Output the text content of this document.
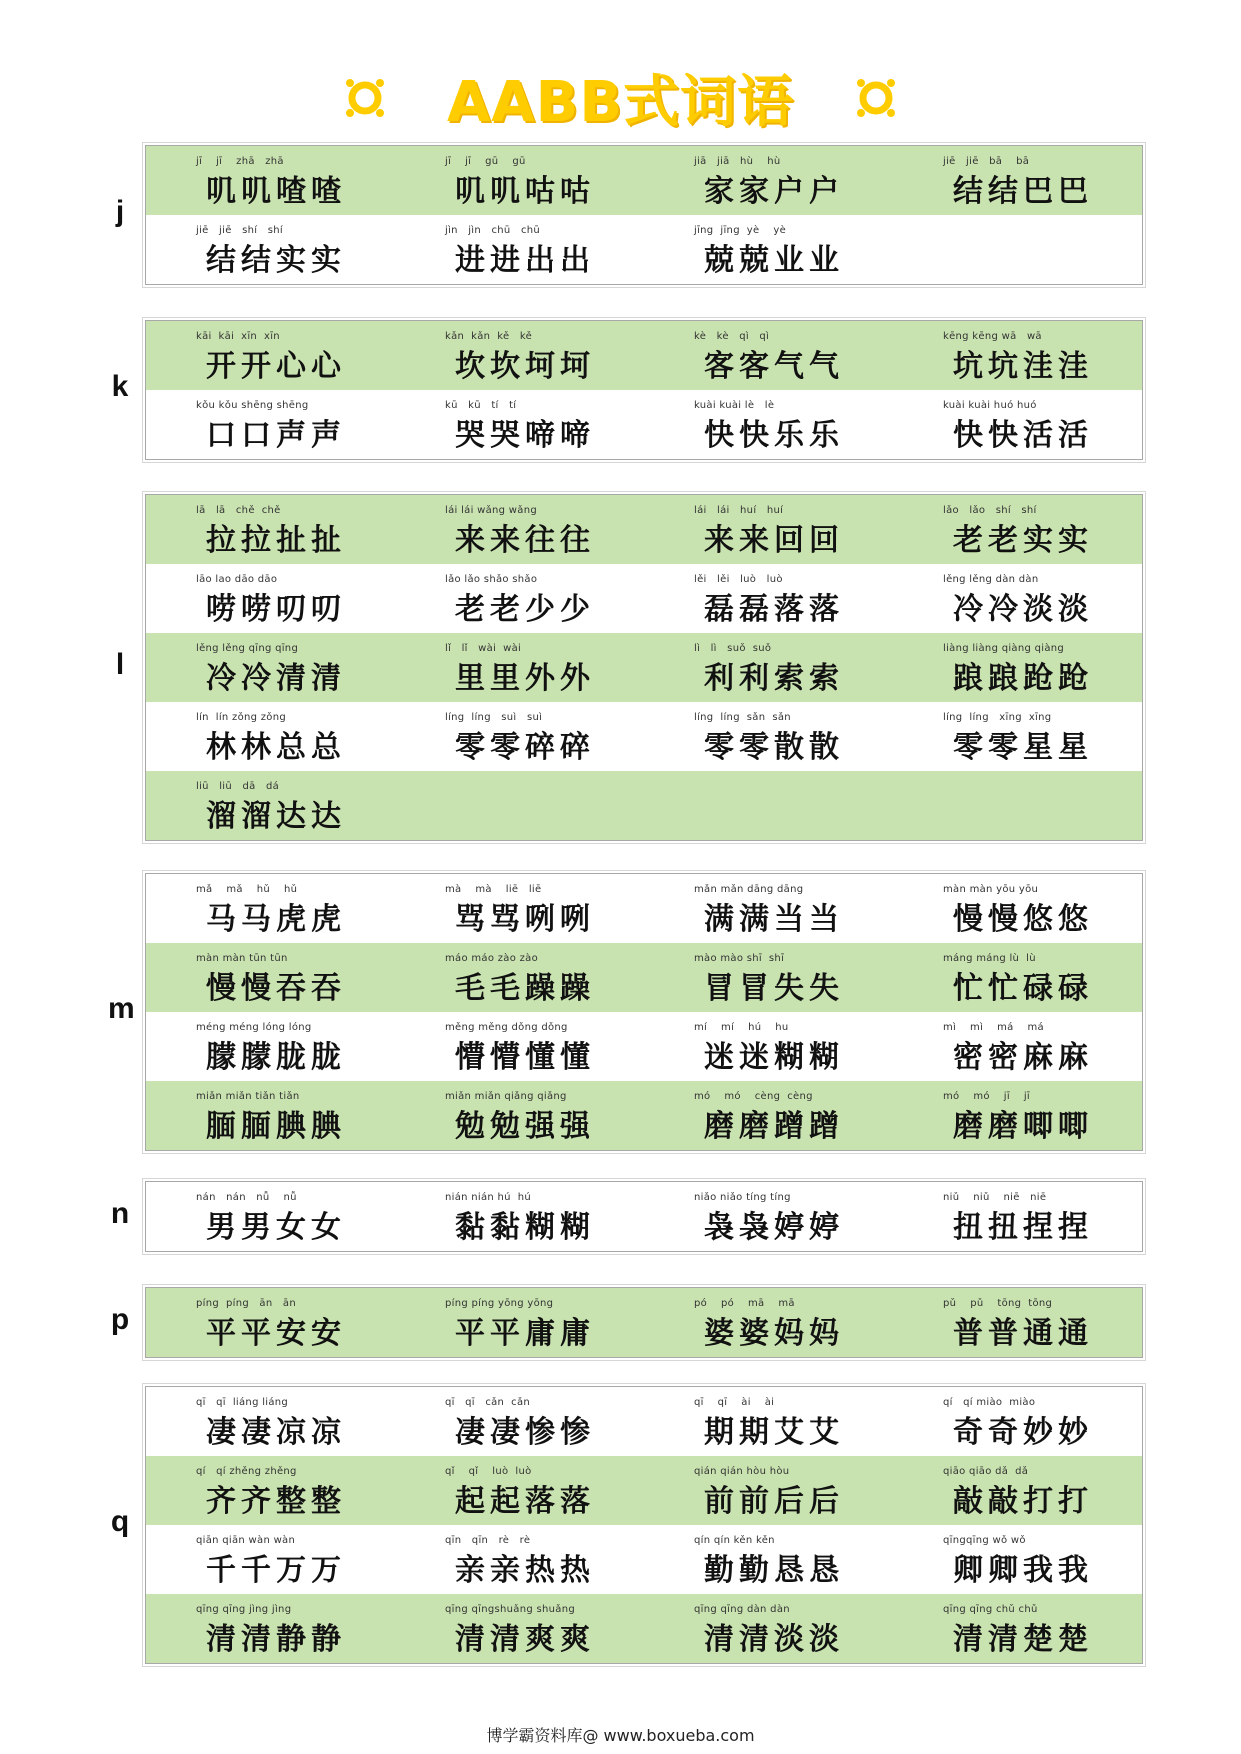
AABB式词语
jī    jī    zhā   zhā
叽叽喳喳
jī    jī    gū    gū
叽叽咕咕
jiā   jiā   hù    hù
家家户户
jiē   jiē   bā    bā
结结巴巴
jiē   jiē   shí   shí
结结实实
jìn   jìn   chū   chū
进进出出
jīng  jīng  yè    yè
兢兢业业
j
kāi  kāi  xīn  xīn
开开心心
kǎn  kǎn  kě   kě
坎坎坷坷
kè   kè   qì   qì
客客气气
kēng kēng wā   wā
坑坑洼洼
kǒu kǒu shēng shēng
口口声声
kū   kū   tí   tí
哭哭啼啼
kuài kuài lè   lè
快快乐乐
kuài kuài huó huó
快快活活
k
lā   lā   chě  chě
拉拉扯扯
lái lái wǎng wǎng
来来往往
lái   lái   huí   huí
来来回回
lǎo   lǎo   shí   shí
老老实实
lāo lao dāo dāo
唠唠叨叨
lǎo lǎo shǎo shǎo
老老少少
lěi   lěi   luò   luò
磊磊落落
lěng lěng dàn dàn
冷冷淡淡
lěng lěng qīng qīng
冷冷清清
lǐ   lǐ   wài  wài
里里外外
lì   lì   suǒ  suǒ
利利索索
liàng liàng qiàng qiàng
踉踉跄跄
lín  lín zǒng zǒng
林林总总
líng  líng   suì   suì
零零碎碎
líng  líng  sǎn  sǎn
零零散散
líng  líng   xīng  xīng
零零星星
liū   liū   dā   dá
溜溜达达
l
mǎ    mǎ    hǔ    hǔ
马马虎虎
mà    mà    liē   liē
骂骂咧咧
mǎn mǎn dāng dāng
满满当当
màn màn yōu yōu
慢慢悠悠
màn màn tūn tūn
慢慢吞吞
máo máo zào zào
毛毛躁躁
mào mào shī  shī
冒冒失失
máng máng lù  lù
忙忙碌碌
méng méng lóng lóng
朦朦胧胧
měng měng dǒng dǒng
懵懵懂懂
mí    mí    hú    hu
迷迷糊糊
mì    mì    má    má
密密麻麻
miǎn miǎn tiǎn tiǎn
腼腼腆腆
miǎn miǎn qiǎng qiǎng
勉勉强强
mó    mó    cèng  cèng
磨磨蹭蹭
mó    mó    jī    jī
磨磨唧唧
m
nán   nán   nǚ    nǚ
男男女女
nián nián hú  hú
黏黏糊糊
niǎo niǎo tíng tíng
袅袅婷婷
niǔ    niǔ    niē   niē
扭扭捏捏
n
píng  píng   ān   ān
平平安安
píng píng yōng yōng
平平庸庸
pó    pó    mā    mā
婆婆妈妈
pǔ    pǔ    tōng  tōng
普普通通
p
qī   qī  liáng liáng
凄凄凉凉
qī   qī   cǎn  cǎn
凄凄惨惨
qī    qī    ài    ài
期期艾艾
qí   qí miào  miào
奇奇妙妙
qí   qí zhěng zhěng
齐齐整整
qǐ    qǐ    luò  luò
起起落落
qián qián hòu hòu
前前后后
qiāo qiāo dǎ  dǎ
敲敲打打
qiān qiān wàn wàn
千千万万
qīn   qīn   rè   rè
亲亲热热
qín qín kěn kěn
勤勤恳恳
qīngqīng wǒ wǒ
卿卿我我
qīng qīng jìng jìng
清清静静
qīng qīngshuǎng shuǎng
清清爽爽
qīng qīng dàn dàn
清清淡淡
qīng qīng chǔ chǔ
清清楚楚
q
博学霸资料库@ www.boxueba.com
